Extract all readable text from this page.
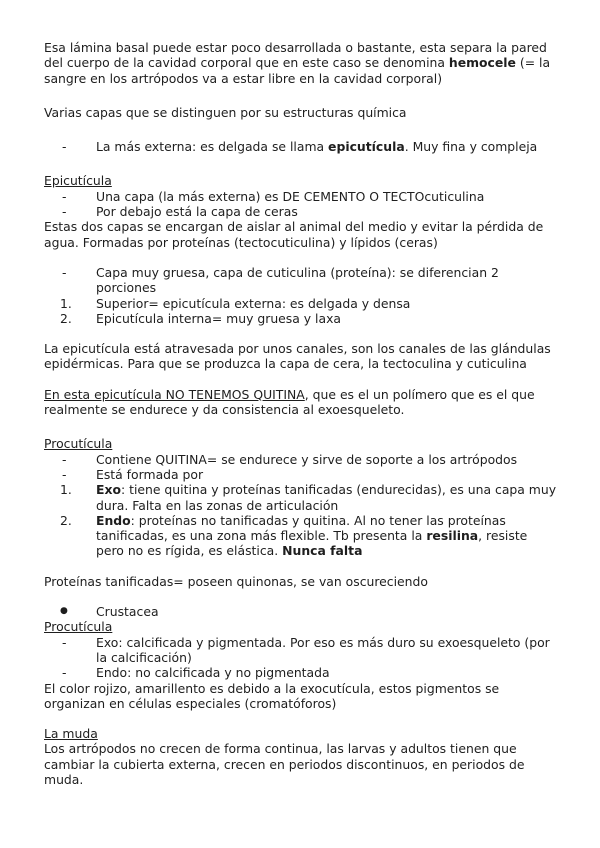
Esa lámina basal puede estar poco desarrollada o bastante, esta separa la pared del cuerpo de la cavidad corporal que en este caso se denomina hemocele (= la sangre en los artrópodos va a estar libre en la cavidad corporal)

Varias capas que se distinguen por su estructuras química

- La más externa: es delgada se llama epicutícula. Muy fina y compleja

Epicutícula

- Una capa (la más externa) es DE CEMENTO O TECTOcuticulina
- Por debajo está la capa de ceras

Estas dos capas se encargan de aislar al animal del medio y evitar la pérdida de agua. Formadas por proteínas (tectocuticulina) y lípidos (ceras)

- Capa muy gruesa, capa de cuticulina (proteína): se diferencian 2 porciones
1. Superior= epicutícula externa: es delgada y densa
2. Epicutícula interna= muy gruesa y laxa

La epicutícula está atravesada por unos canales, son los canales de las glándulas epidérmicas. Para que se produzca la capa de cera, la tectoculina y cuticulina

En esta epicutícula NO TENEMOS QUITINA, que es el un polímero que es el que realmente se endurece y da consistencia al exoesqueleto.

Procutícula

- Contiene QUITINA= se endurece y sirve de soporte a los artrópodos
- Está formada por
1. Exo: tiene quitina y proteínas tanificadas (endurecidas), es una capa muy dura. Falta en las zonas de articulación
2. Endo: proteínas no tanificadas y quitina. Al no tener las proteínas tanificadas, es una zona más flexible. Tb presenta la resilina, resiste pero no es rígida, es elástica. Nunca falta

Proteínas tanificadas= poseen quinonas, se van oscureciendo

● Crustacea

Procutícula

- Exo: calcificada y pigmentada. Por eso es más duro su exoesqueleto (por la calcificación)
- Endo: no calcificada y no pigmentada

El color rojizo, amarillento es debido a la exocutícula, estos pigmentos se organizan en células especiales (cromatóforos)

La muda

Los artrópodos no crecen de forma continua, las larvas y adultos tienen que cambiar la cubierta externa, crecen en periodos discontinuos, en periodos de muda.
